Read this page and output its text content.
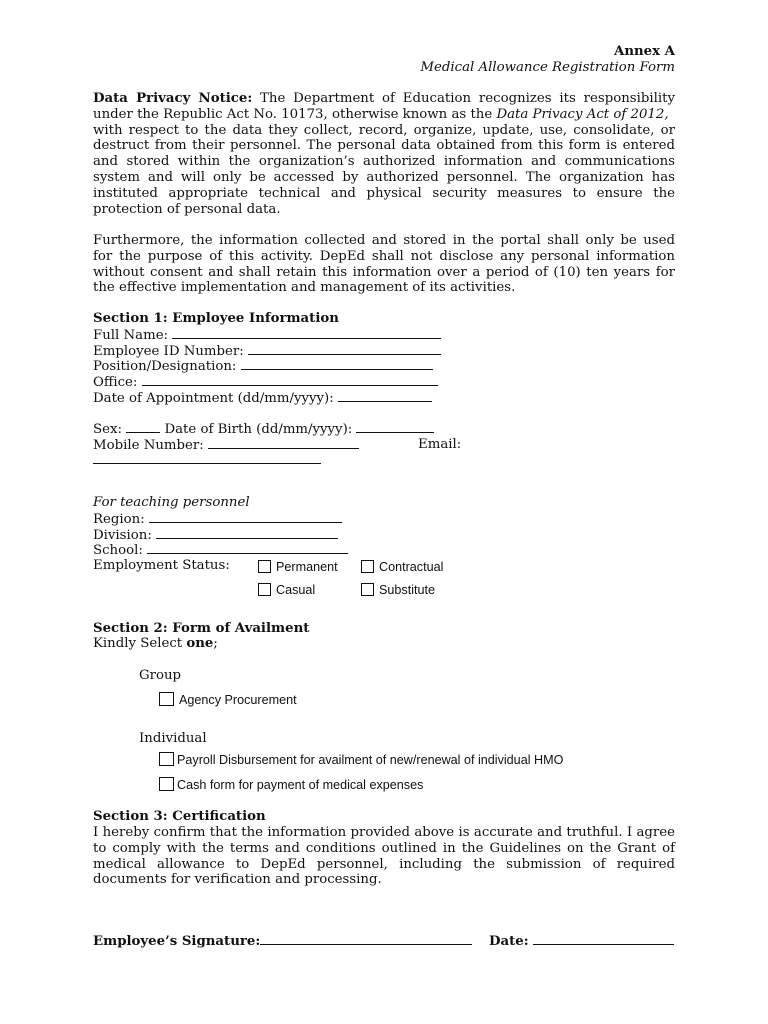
Annex A
Medical Allowance Registration Form
Data Privacy Notice: The Department of Education recognizes its responsibility
under the Republic Act No. 10173, otherwise known as the Data Privacy Act of 2012,
with respect to the data they collect, record, organize, update, use, consolidate, or
destruct from their personnel. The personal data obtained from this form is entered
and stored within the organization’s authorized information and communications
system and will only be accessed by authorized personnel. The organization has
instituted appropriate technical and physical security measures to ensure the
protection of personal data.
Furthermore, the information collected and stored in the portal shall only be used
for the purpose of this activity. DepEd shall not disclose any personal information
without consent and shall retain this information over a period of (10) ten years for
the effective implementation and management of its activities.
Section 1: Employee Information
Full Name:
Employee ID Number:
Position/Designation:
Office:
Date of Appointment (dd/mm/yyyy):
Sex:	Date of Birth (dd/mm/yyyy):
Mobile Number:	Email:
For teaching personnel
Region:
Division:
School:
Employment Status:	Permanent	Contractual
Casual	Substitute
Section 2: Form of Availment
Kindly Select one;
Group
Agency Procurement
Individual
Payroll Disbursement for availment of new/renewal of individual HMO
Cash form for payment of medical expenses
Section 3: Certification
I hereby confirm that the information provided above is accurate and truthful. I agree
to comply with the terms and conditions outlined in the Guidelines on the Grant of
medical allowance to DepEd personnel, including the submission of required
documents for verification and processing.
Employee’s Signature:	Date:
